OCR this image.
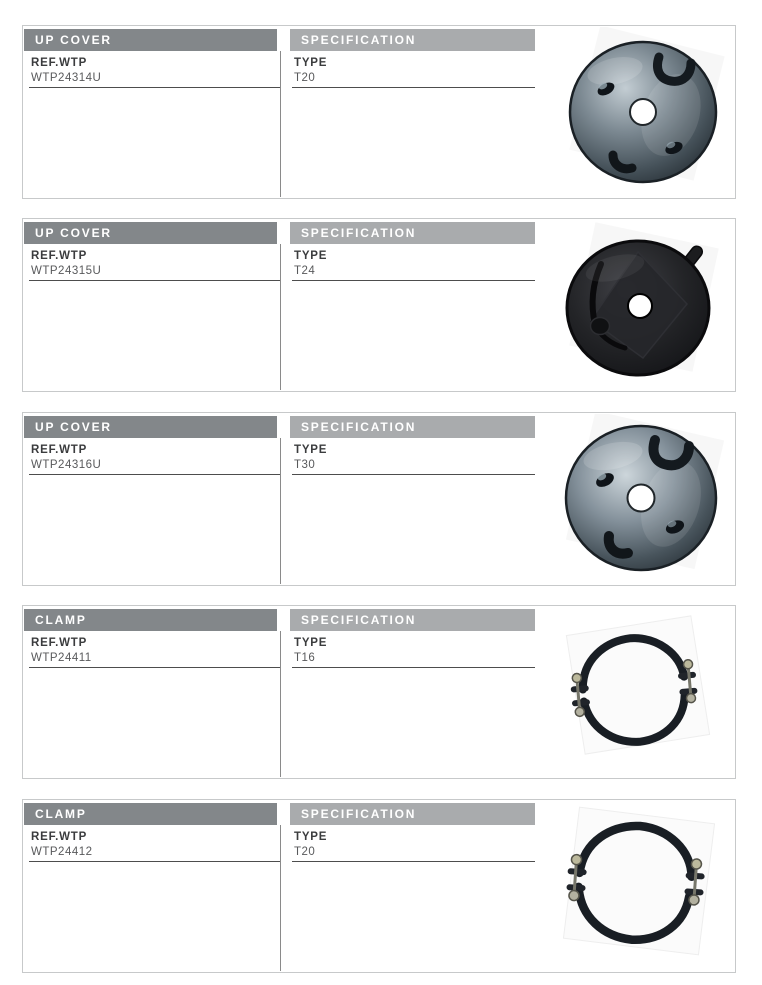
UP COVER	SPECIFICATION
REF.WTP
WTP24314U
TYPE
T20
UP COVER	SPECIFICATION
REF.WTP
WTP24315U
TYPE
T24
UP COVER	SPECIFICATION
REF.WTP
WTP24316U
TYPE
T30
CLAMP	SPECIFICATION
REF.WTP
WTP24411
TYPE
T16
CLAMP	SPECIFICATION
REF.WTP
WTP24412
TYPE
T20
